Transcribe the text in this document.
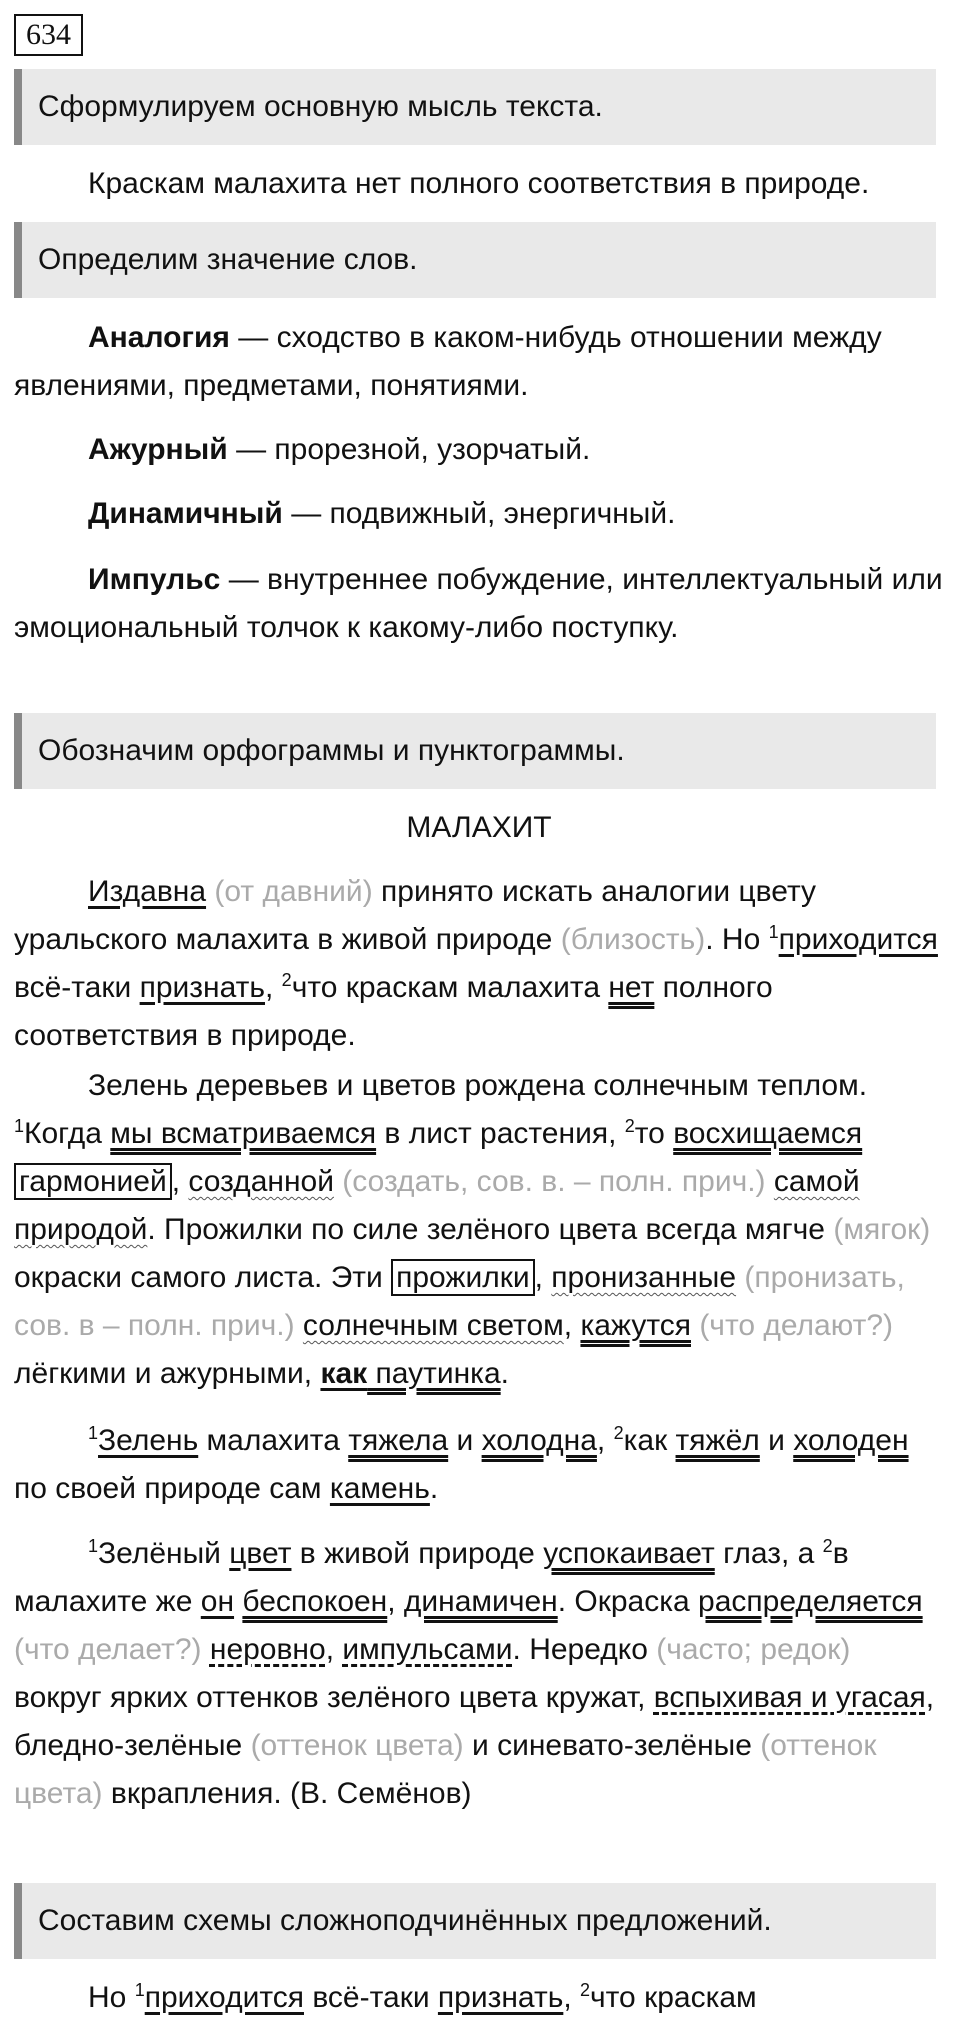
634
Сформулируем основную мысль текста.
Краскам малахита нет полного соответствия в природе.
Определим значение слов.
Аналогия — сходство в каком-нибудь отношении между явлениями, предметами, понятиями.
Ажурный — прорезной, узорчатый.
Динамичный — подвижный, энергичный.
Импульс — внутреннее побуждение, интеллектуальный или эмоциональный толчок к какому-либо поступку.
Обозначим орфограммы и пунктограммы.
МАЛАХИТ
Издавна (от давний) принято искать аналогии цвету уральского малахита в живой природе (близость). Но $^1$приходится всё-таки признать, $^2$что краскам малахита нет полного соответствия в природе.
Зелень деревьев и цветов рождена солнечным теплом. $^1$Когда мы всматриваемся в лист растения, $^2$то восхищаемся гармонией , созданной (создать, сов. в. – полн. прич.) самой природой. Прожилки по силе зелёного цвета всегда мягче (мягок) окраски самого листа. Эти прожилки , пронизанные (пронизать, сов. в – полн. прич.) солнечным светом, кажутся (что делают?) лёгкими и ажурными, как паутинка.
$^1$Зелень малахита тяжела и холодна, $^2$как тяжёл и холоден по своей природе сам камень.
$^1$Зелёный цвет в живой природе успокаивает глаз, а $^2$в малахите же он беспокоен, динамичен. Окраска распределяется (что делает?) неровно, импульсами. Нередко (часто; редок) вокруг ярких оттенков зелёного цвета кружат, вспыхивая и угасая, бледно-зелёные (оттенок цвета) и синевато-зелёные (оттенок цвета) вкрапления. (В. Семёнов)
Составим схемы сложноподчинённых предложений.
Но $^1$приходится всё-таки признать, $^2$что краскам
